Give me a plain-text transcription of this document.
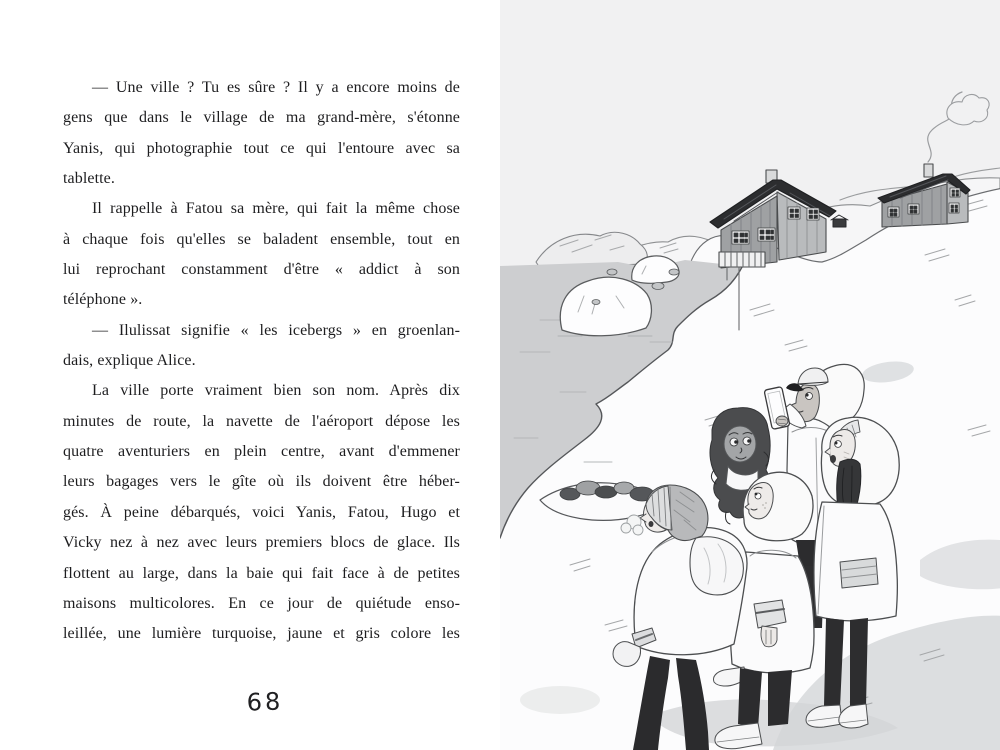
— Une ville ? Tu es sûre ? Il y a encore moins de
gens que dans le village de ma grand-mère, s'étonne
Yanis, qui photographie tout ce qui l'entoure avec sa
tablette.
Il rappelle à Fatou sa mère, qui fait la même chose
à chaque fois qu'elles se baladent ensemble, tout en
lui reprochant constamment d'être « addict à son
téléphone ».
— Ilulissat signifie « les icebergs » en groenlan-
dais, explique Alice.
La ville porte vraiment bien son nom. Après dix
minutes de route, la navette de l'aéroport dépose les
quatre aventuriers en plein centre, avant d'emmener
leurs bagages vers le gîte où ils doivent être héber-
gés. À peine débarqués, voici Yanis, Fatou, Hugo et
Vicky nez à nez avec leurs premiers blocs de glace. Ils
flottent au large, dans la baie qui fait face à de petites
maisons multicolores. En ce jour de quiétude enso-
leillée, une lumière turquoise, jaune et gris colore les
68
